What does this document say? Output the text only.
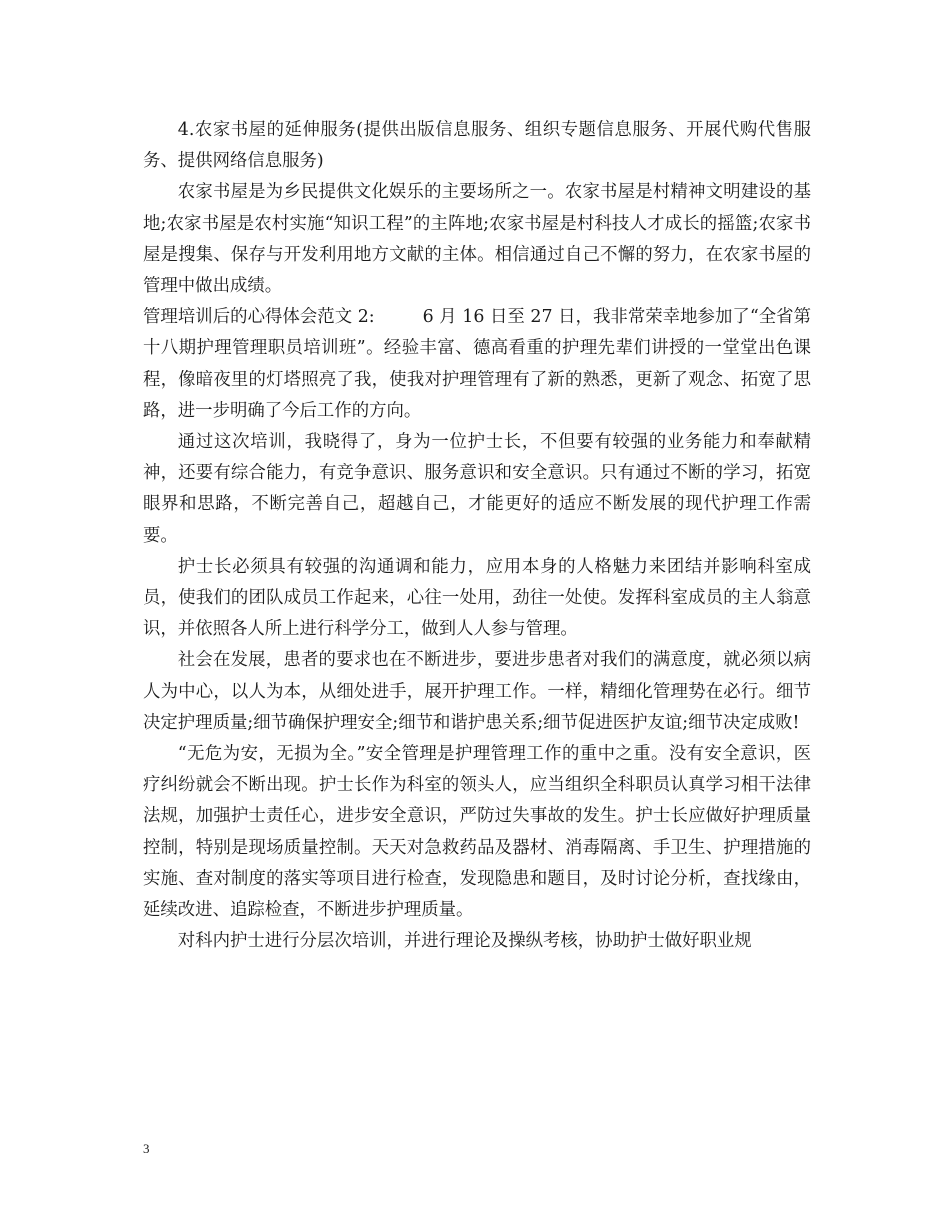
4.农家书屋的延伸服务(提供出版信息服务、组织专题信息服务、开展代购代售服务、提供网络信息服务)

农家书屋是为乡民提供文化娱乐的主要场所之一。农家书屋是村精神文明建设的基地;农家书屋是农村实施“知识工程”的主阵地;农家书屋是村科技人才成长的摇篮;农家书屋是搜集、保存与开发利用地方文献的主体。相信通过自己不懈的努力，在农家书屋的管理中做出成绩。

管理培训后的心得体会范文 2:	6 月 16 日至 27 日，我非常荣幸地参加了“全省第十八期护理管理职员培训班”。经验丰富、德高看重的护理先辈们讲授的一堂堂出色课程，像暗夜里的灯塔照亮了我，使我对护理管理有了新的熟悉，更新了观念、拓宽了思路，进一步明确了今后工作的方向。

通过这次培训，我晓得了，身为一位护士长，不但要有较强的业务能力和奉献精神，还要有综合能力，有竞争意识、服务意识和安全意识。只有通过不断的学习，拓宽眼界和思路，不断完善自己，超越自己，才能更好的适应不断发展的现代护理工作需要。

护士长必须具有较强的沟通调和能力，应用本身的人格魅力来团结并影响科室成员，使我们的团队成员工作起来，心往一处用，劲往一处使。发挥科室成员的主人翁意识，并依照各人所上进行科学分工，做到人人参与管理。

社会在发展，患者的要求也在不断进步，要进步患者对我们的满意度，就必须以病人为中心，以人为本，从细处进手，展开护理工作。一样，精细化管理势在必行。细节决定护理质量;细节确保护理安全;细节和谐护患关系;细节促进医护友谊;细节决定成败!

“无危为安，无损为全。”安全管理是护理管理工作的重中之重。没有安全意识，医疗纠纷就会不断出现。护士长作为科室的领头人，应当组织全科职员认真学习相干法律法规，加强护士责任心，进步安全意识，严防过失事故的发生。护士长应做好护理质量控制，特别是现场质量控制。天天对急救药品及器材、消毒隔离、手卫生、护理措施的实施、查对制度的落实等项目进行检查，发现隐患和题目，及时讨论分析，查找缘由，延续改进、追踪检查，不断进步护理质量。

对科内护士进行分层次培训，并进行理论及操纵考核，协助护士做好职业规

3
